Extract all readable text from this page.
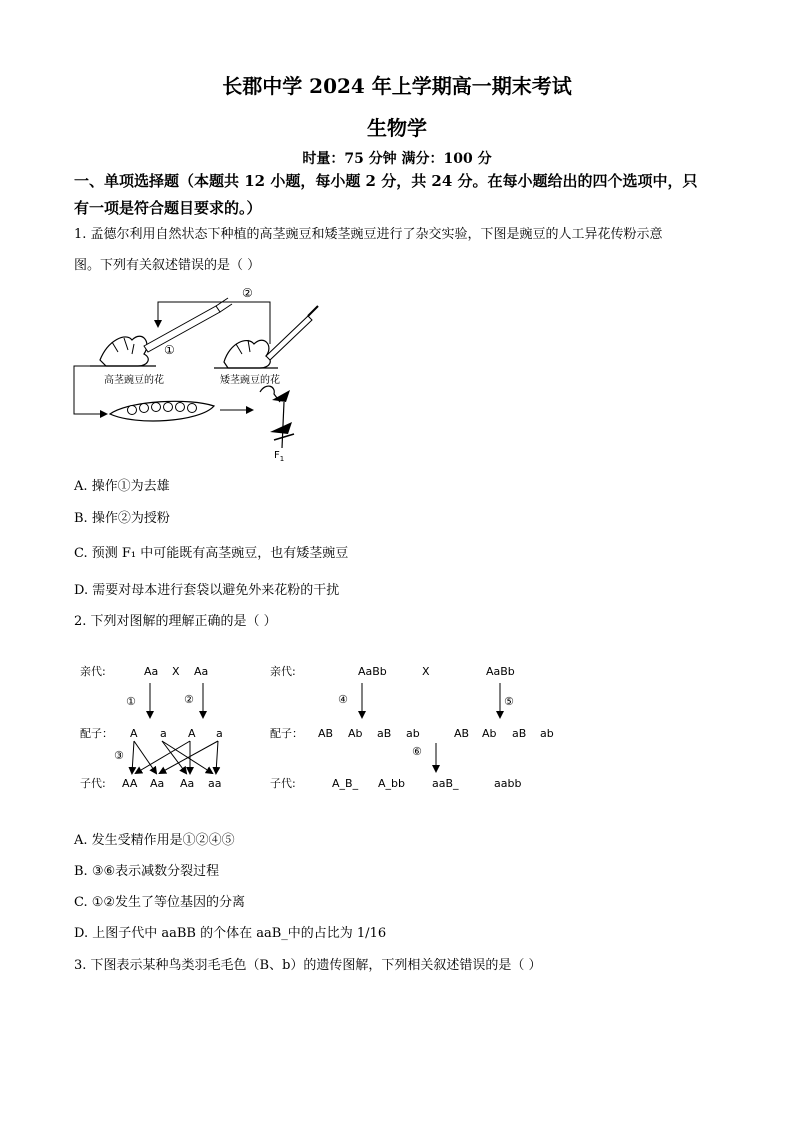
长郡中学 2024 年上学期高一期末考试
生物学
时量：75 分钟 满分：100 分
一、单项选择题（本题共 12 小题，每小题 2 分，共 24 分。在每小题给出的四个选项中，只
有一项是符合题目要求的。）
1. 孟德尔利用自然状态下种植的高茎豌豆和矮茎豌豆进行了杂交实验，下图是豌豆的人工异花传粉示意
图。下列有关叙述错误的是（ ）
②
①
高茎豌豆的花	矮茎豌豆的花
$F_1$
A. 操作①为去雄
B. 操作②为授粉
C. 预测 F₁ 中可能既有高茎豌豆，也有矮茎豌豆
D. 需要对母本进行套袋以避免外来花粉的干扰
2. 下列对图解的理解正确的是（ ）
亲代:	Aa X Aa
①	②
配子： A a A a
③
子代: AA Aa Aa aa
亲代:	AaBb	X	AaBb
④	⑤
配子： AB Ab aB ab	AB Ab aB ab
⑥
子代:	A_B_ A_bb aaB_	aabb
A. 发生受精作用是①②④⑤
B. ③⑥表示减数分裂过程
C. ①②发生了等位基因的分离
D. 上图子代中 aaBB 的个体在 aaB_中的占比为 1/16
3. 下图表示某种鸟类羽毛毛色（B、b）的遗传图解，下列相关叙述错误的是（ ）
